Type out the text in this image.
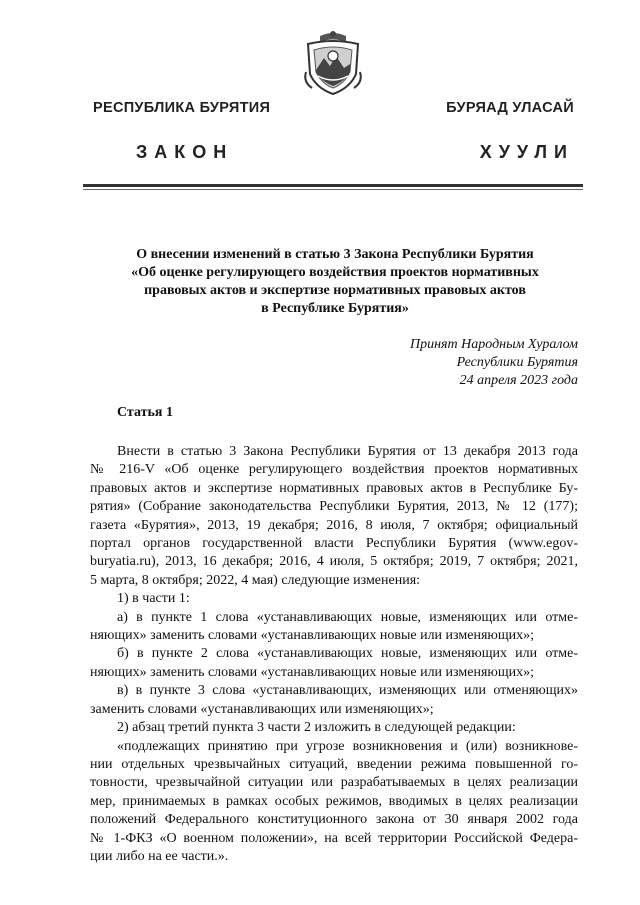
РЕСПУБЛИКА БУРЯТИЯ	БУРЯАД УЛАСАЙ
ЗАКОН	ХУУЛИ
О внесении изменений в статью 3 Закона Республики Бурятия
«Об оценке регулирующего воздействия проектов нормативных
правовых актов и экспертизе нормативных правовых актов
в Республике Бурятия»
Принят Народным Хуралом
Республики Бурятия
24 апреля 2023 года
Статья 1
Внести в статью 3 Закона Республики Бурятия от 13 декабря 2013 года
№ 216-V «Об оценке регулирующего воздействия проектов нормативных
правовых актов и экспертизе нормативных правовых актов в Республике Бу-
рятия» (Собрание законодательства Республики Бурятия, 2013, № 12 (177);
газета «Бурятия», 2013, 19 декабря; 2016, 8 июля, 7 октября; официальный
портал органов государственной власти Республики Бурятия (www.egov-
buryatia.ru), 2013, 16 декабря; 2016, 4 июля, 5 октября; 2019, 7 октября; 2021,
5 марта, 8 октября; 2022, 4 мая) следующие изменения:
1) в части 1:
а) в пункте 1 слова «устанавливающих новые, изменяющих или отме-
няющих» заменить словами «устанавливающих новые или изменяющих»;
б) в пункте 2 слова «устанавливающих новые, изменяющих или отме-
няющих» заменить словами «устанавливающих новые или изменяющих»;
в) в пункте 3 слова «устанавливающих, изменяющих или отменяющих»
заменить словами «устанавливающих или изменяющих»;
2) абзац третий пункта 3 части 2 изложить в следующей редакции:
«подлежащих принятию при угрозе возникновения и (или) возникнове-
нии отдельных чрезвычайных ситуаций, введении режима повышенной го-
товности, чрезвычайной ситуации или разрабатываемых в целях реализации
мер, принимаемых в рамках особых режимов, вводимых в целях реализации
положений Федерального конституционного закона от 30 января 2002 года
№ 1-ФКЗ «О военном положении», на всей территории Российской Федера-
ции либо на ее части.».
